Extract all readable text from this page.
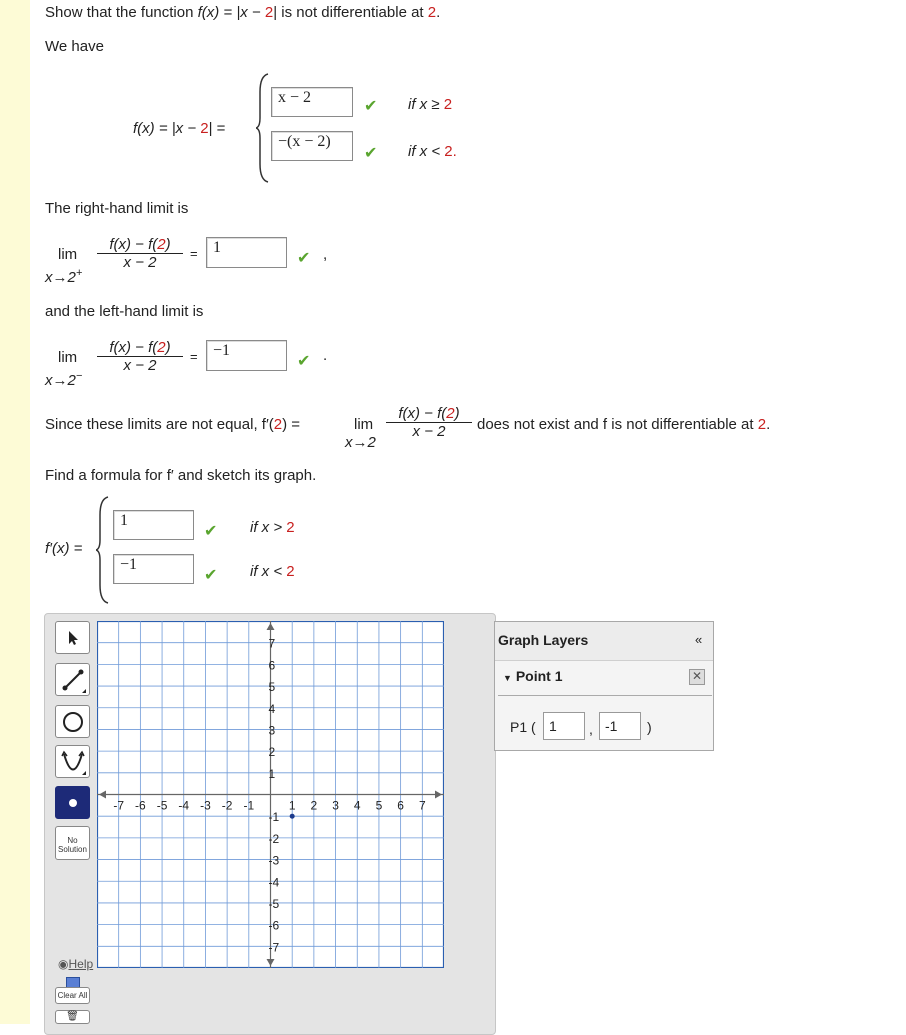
Show that the function f(x) = |x − 2| is not differentiable at 2.
We have
f(x) = |x − 2| =
x − 2
✔ if x ≥ 2
−(x − 2)
✔ if x < 2.
The right-hand limit is
lim
x→2+
$\frac{f(x) - f(2)}{x - 2} = 1$
✔ ,
and the left-hand limit is
lim
x→2−
$\frac{f(x) - f(2)}{x - 2} = -1$
✔ .
Since these limits are not equal, f′(2) =	lim
x→2
$\frac{f(x) - f(2)}{x - 2}$ does not exist and f is not differentiable at 2.
Find a formula for f′ and sketch its graph.
f′(x) =
1
✔ if x > 2
−1
✔ if x < 2
No Solution
◉Help
Clear All
🗑
-7 -6 -5 -4 -3 -2 -1	1 2 3 4 5 6 7
7
6
5
4
3
2
1
-1
-2
-3
-4
-5
-6
-7
Graph Layers	«
▼ Point 1	✕
P1 ( 1	, -1	)
